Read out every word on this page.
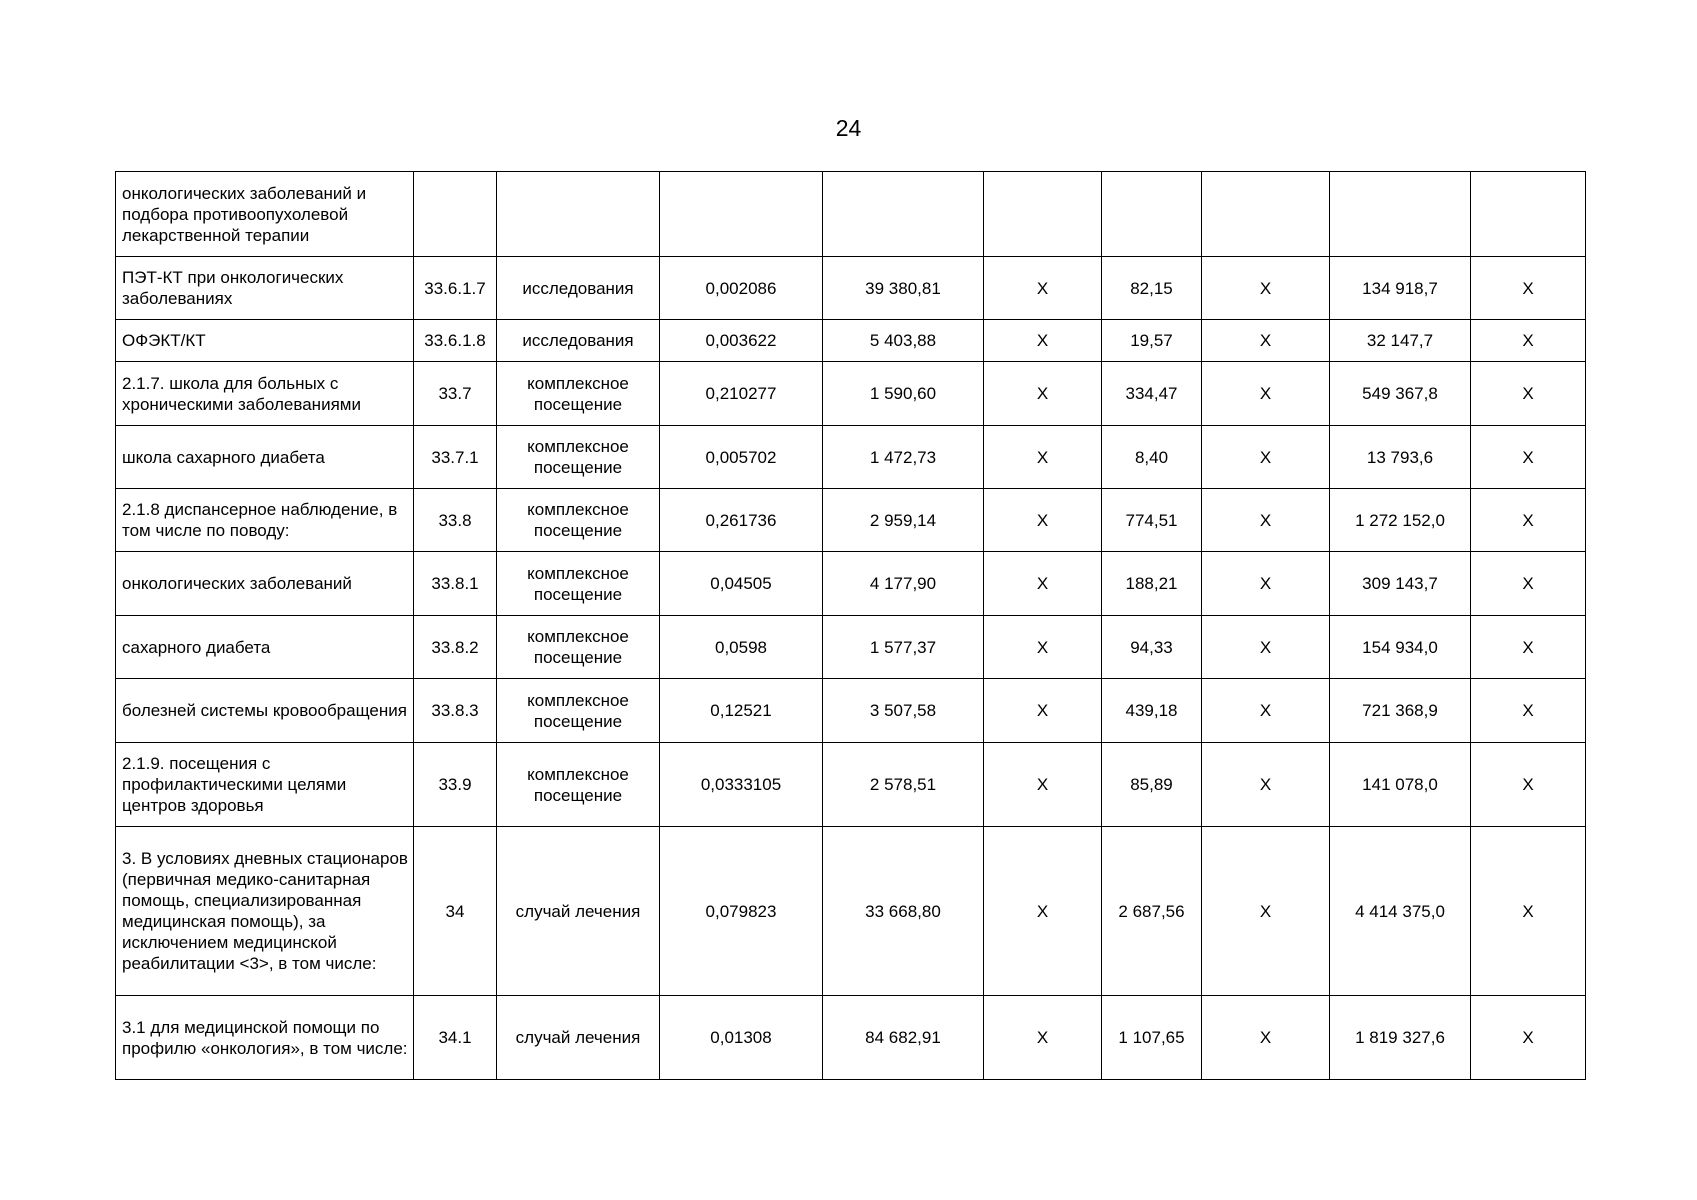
24
онкологических заболеваний и подбора противоопухолевой лекарственной терапии									
ПЭТ-КТ при онкологических заболеваниях	33.6.1.7	исследования	0,002086	39 380,81	Х	82,15	Х	134 918,7	Х
ОФЭКТ/КТ	33.6.1.8	исследования	0,003622	5 403,88	Х	19,57	Х	32 147,7	Х
2.1.7. школа для больных с хроническими заболеваниями	33.7	комплексное посещение	0,210277	1 590,60	Х	334,47	Х	549 367,8	Х
школа сахарного диабета	33.7.1	комплексное посещение	0,005702	1 472,73	Х	8,40	Х	13 793,6	Х
2.1.8 диспансерное наблюдение, в том числе по поводу:	33.8	комплексное посещение	0,261736	2 959,14	Х	774,51	Х	1 272 152,0	Х
онкологических заболеваний	33.8.1	комплексное посещение	0,04505	4 177,90	Х	188,21	Х	309 143,7	Х
сахарного диабета	33.8.2	комплексное посещение	0,0598	1 577,37	Х	94,33	Х	154 934,0	Х
болезней системы кровообращения	33.8.3	комплексное посещение	0,12521	3 507,58	Х	439,18	Х	721 368,9	Х
2.1.9. посещения с профилактическими целями центров здоровья	33.9	комплексное посещение	0,0333105	2 578,51	Х	85,89	Х	141 078,0	Х
3. В условиях дневных стационаров (первичная медико-санитарная помощь, специализированная медицинская помощь), за исключением медицинской реабилитации <3>, в том числе:	34	случай лечения	0,079823	33 668,80	Х	2 687,56	Х	4 414 375,0	Х
3.1 для медицинской помощи по профилю «онкология», в том числе:	34.1	случай лечения	0,01308	84 682,91	Х	1 107,65	Х	1 819 327,6	Х
